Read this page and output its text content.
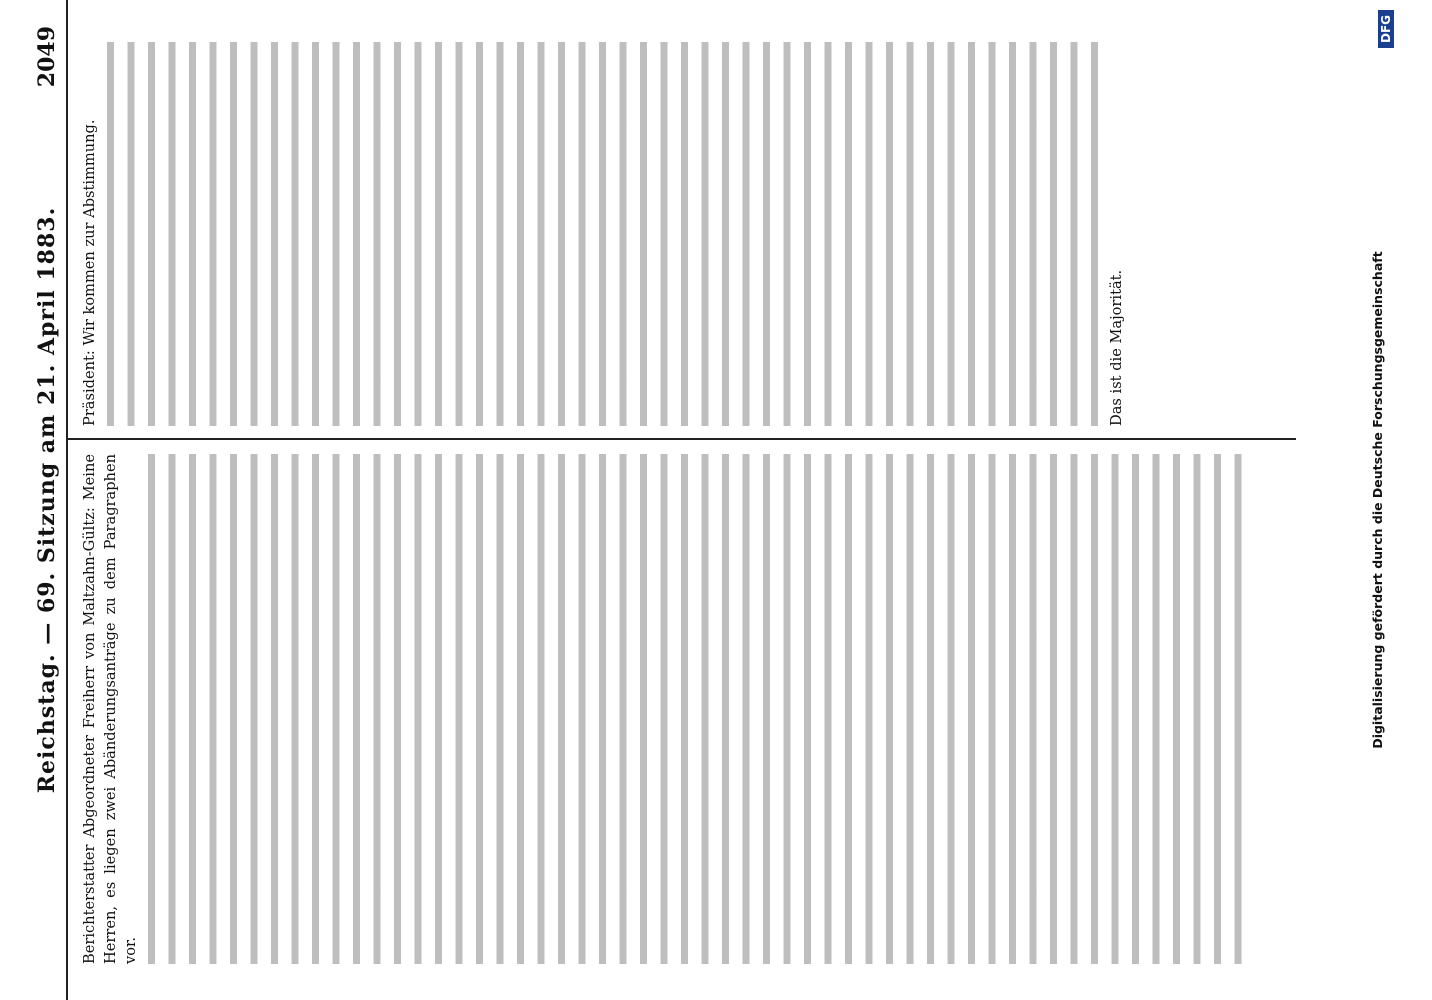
Reichstag. — 69. Sitzung am 21. April 1883.
2049
Berichterstatter Abgeordneter Freiherr von Maltzahn-Gültz: Meine Herren, es liegen zwei Abänderungsanträge zu dem Paragraphen vor.
Präsident: Wir kommen zur Abstimmung.	Das ist die Majorität.	Digitalisierung gefördert durch die Deutsche Forschungsgemeinschaft
DFG
